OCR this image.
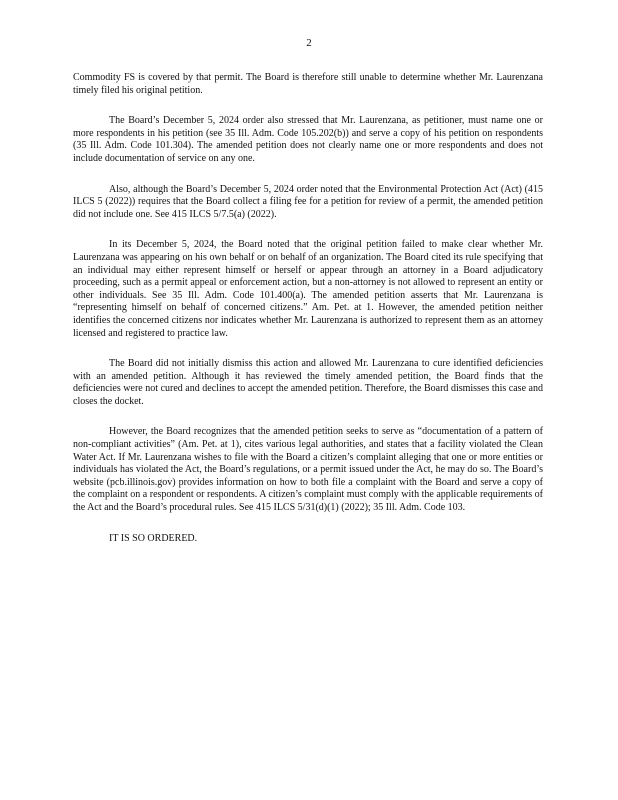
2

Commodity FS is covered by that permit. The Board is therefore still unable to determine whether Mr. Laurenzana timely filed his original petition.

The Board’s December 5, 2024 order also stressed that Mr. Laurenzana, as petitioner, must name one or more respondents in his petition (see 35 Ill. Adm. Code 105.202(b)) and serve a copy of his petition on respondents (35 Ill. Adm. Code 101.304). The amended petition does not clearly name one or more respondents and does not include documentation of service on any one.

Also, although the Board’s December 5, 2024 order noted that the Environmental Protection Act (Act) (415 ILCS 5 (2022)) requires that the Board collect a filing fee for a petition for review of a permit, the amended petition did not include one. See 415 ILCS 5/7.5(a) (2022).

In its December 5, 2024, the Board noted that the original petition failed to make clear whether Mr. Laurenzana was appearing on his own behalf or on behalf of an organization. The Board cited its rule specifying that an individual may either represent himself or herself or appear through an attorney in a Board adjudicatory proceeding, such as a permit appeal or enforcement action, but a non-attorney is not allowed to represent an entity or other individuals. See 35 Ill. Adm. Code 101.400(a). The amended petition asserts that Mr. Laurenzana is “representing himself on behalf of concerned citizens.” Am. Pet. at 1. However, the amended petition neither identifies the concerned citizens nor indicates whether Mr. Laurenzana is authorized to represent them as an attorney licensed and registered to practice law.

The Board did not initially dismiss this action and allowed Mr. Laurenzana to cure identified deficiencies with an amended petition. Although it has reviewed the timely amended petition, the Board finds that the deficiencies were not cured and declines to accept the amended petition. Therefore, the Board dismisses this case and closes the docket.

However, the Board recognizes that the amended petition seeks to serve as “documentation of a pattern of non-compliant activities” (Am. Pet. at 1), cites various legal authorities, and states that a facility violated the Clean Water Act. If Mr. Laurenzana wishes to file with the Board a citizen’s complaint alleging that one or more entities or individuals has violated the Act, the Board’s regulations, or a permit issued under the Act, he may do so. The Board’s website (pcb.illinois.gov) provides information on how to both file a complaint with the Board and serve a copy of the complaint on a respondent or respondents. A citizen’s complaint must comply with the applicable requirements of the Act and the Board’s procedural rules. See 415 ILCS 5/31(d)(1) (2022); 35 Ill. Adm. Code 103.

IT IS SO ORDERED.
